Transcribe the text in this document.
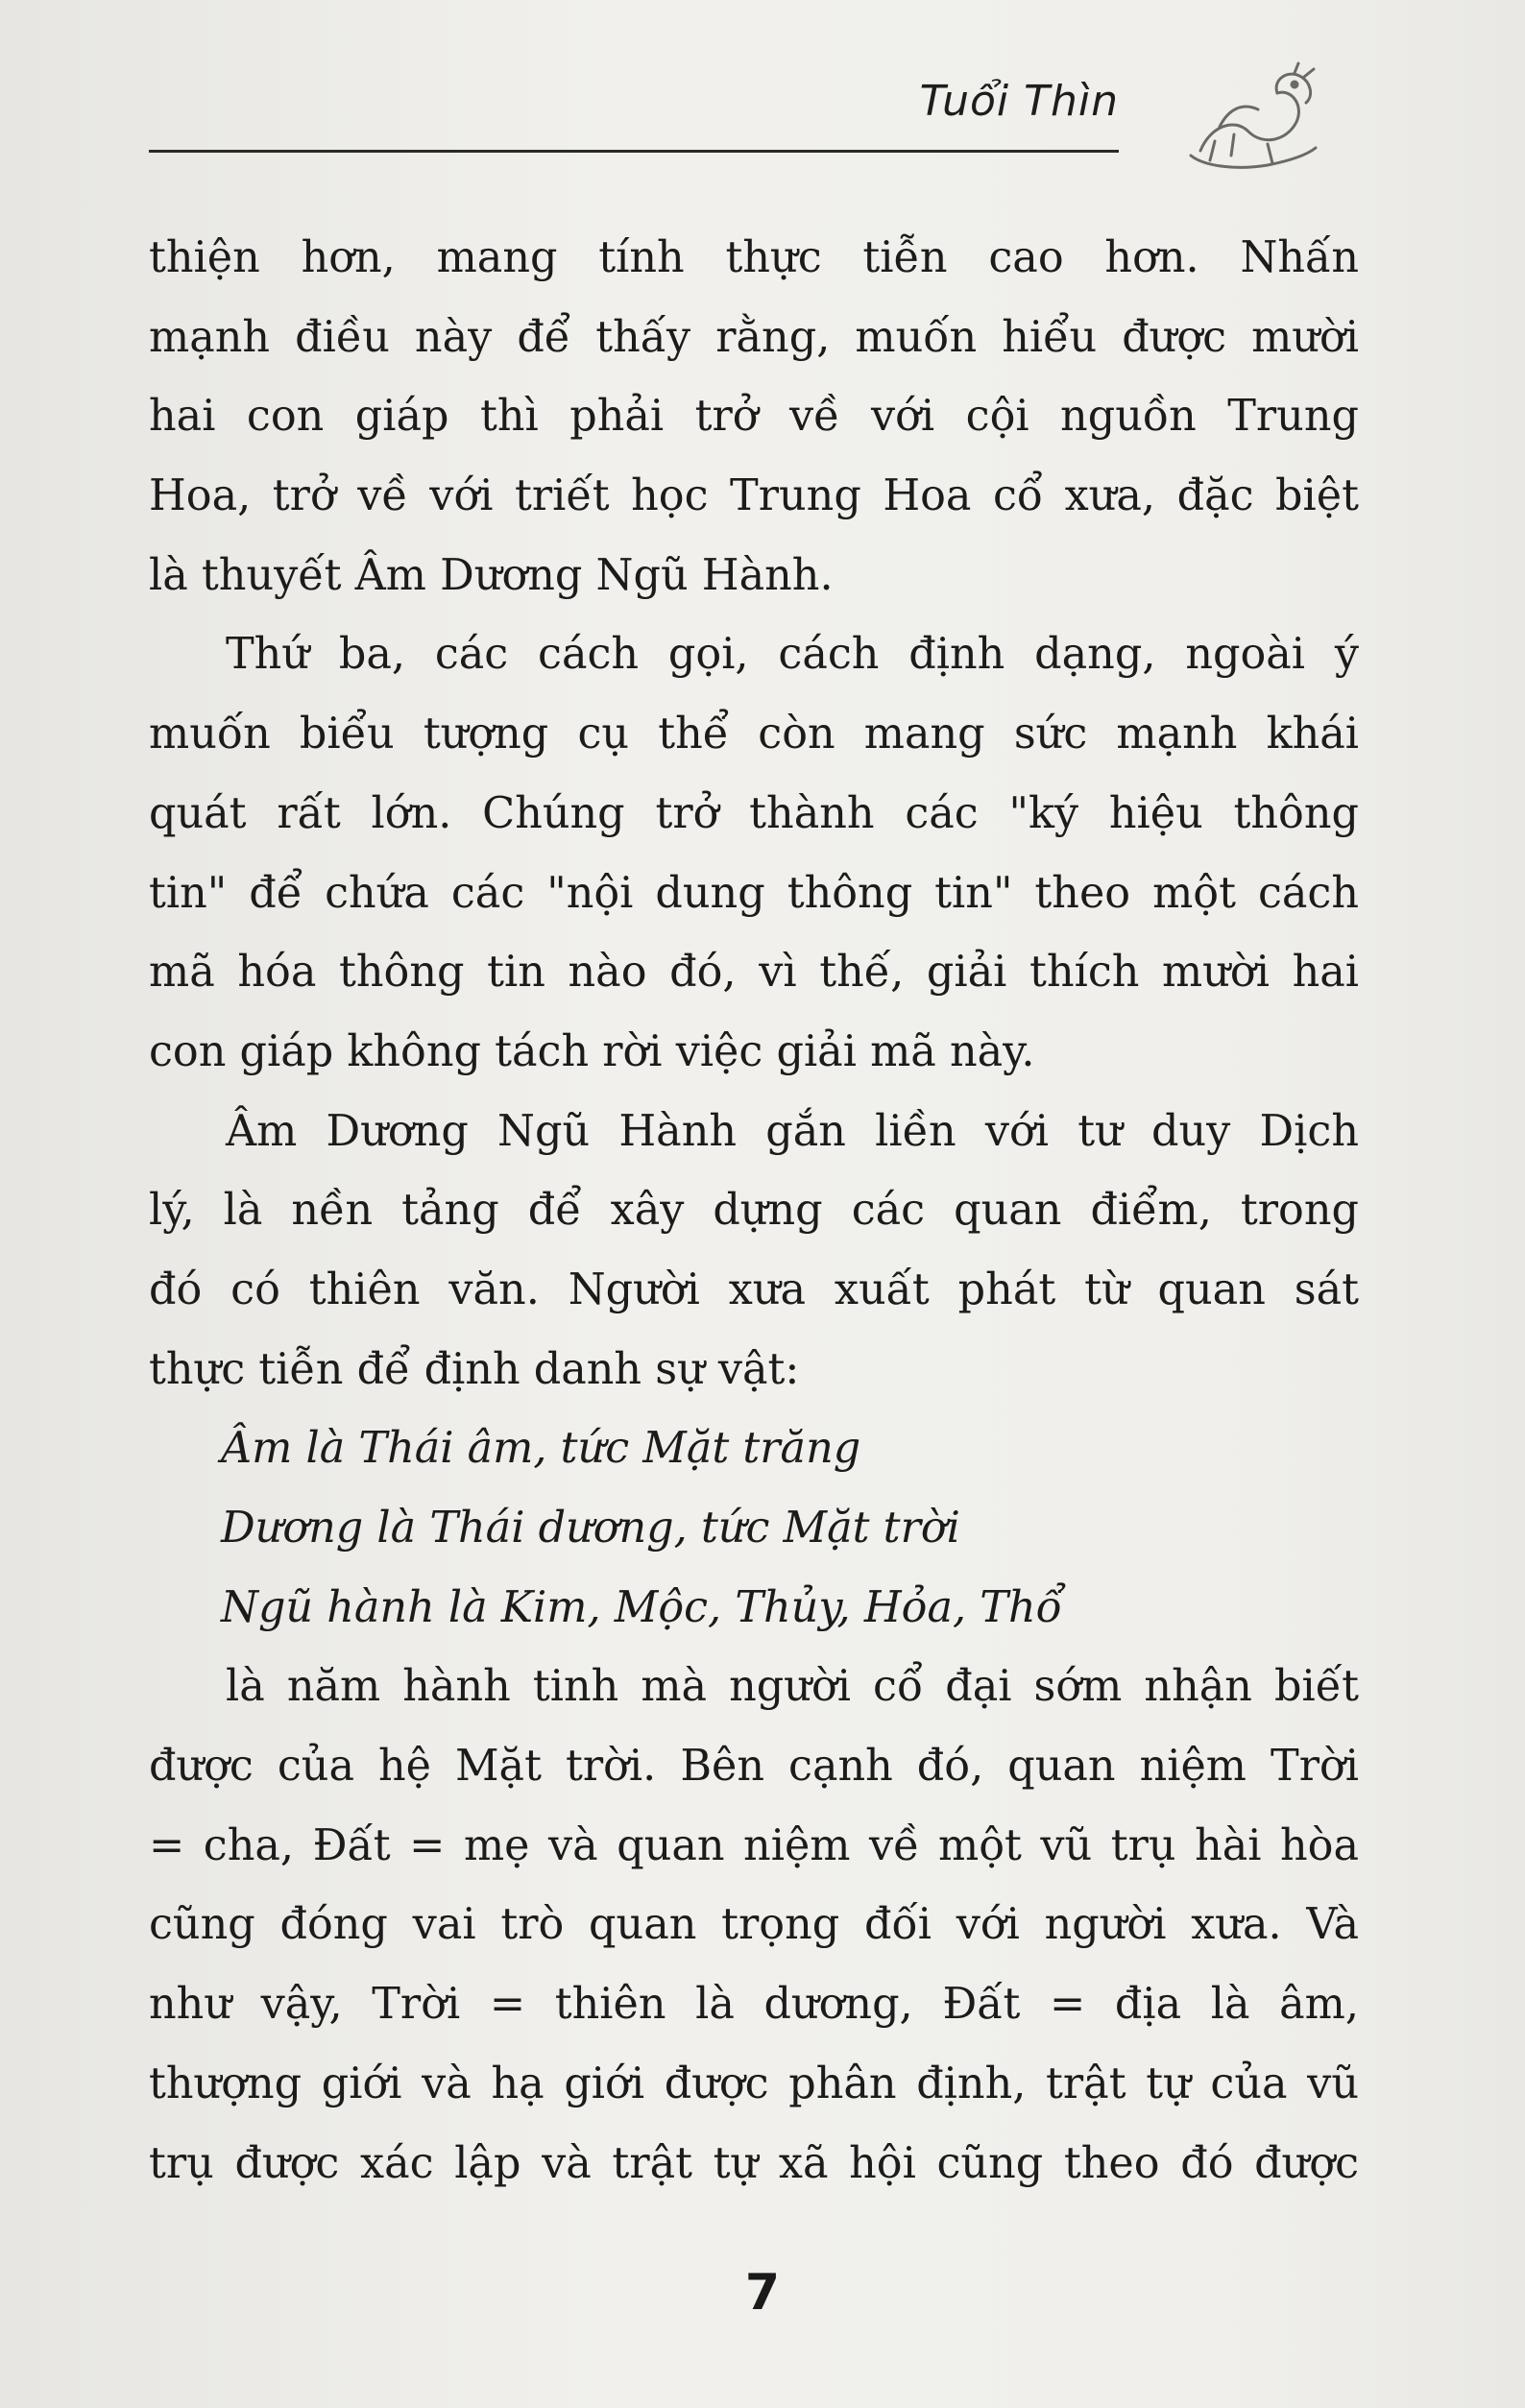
Tuổi Thìn
thiện hơn, mang tính thực tiễn cao hơn. Nhấn
mạnh điều này để thấy rằng, muốn hiểu được mười
hai con giáp thì phải trở về với cội nguồn Trung
Hoa, trở về với triết học Trung Hoa cổ xưa, đặc biệt
là thuyết Âm Dương Ngũ Hành.
Thứ ba, các cách gọi, cách định dạng, ngoài ý
muốn biểu tượng cụ thể còn mang sức mạnh khái
quát rất lớn. Chúng trở thành các "ký hiệu thông
tin" để chứa các "nội dung thông tin" theo một cách
mã hóa thông tin nào đó, vì thế, giải thích mười hai
con giáp không tách rời việc giải mã này.
Âm Dương Ngũ Hành gắn liền với tư duy Dịch
lý, là nền tảng để xây dựng các quan điểm, trong
đó có thiên văn. Người xưa xuất phát từ quan sát
thực tiễn để định danh sự vật:
Âm là Thái âm, tức Mặt trăng
Dương là Thái dương, tức Mặt trời
Ngũ hành là Kim, Mộc, Thủy, Hỏa, Thổ
là năm hành tinh mà người cổ đại sớm nhận biết
được của hệ Mặt trời. Bên cạnh đó, quan niệm Trời
= cha, Đất = mẹ và quan niệm về một vũ trụ hài hòa
cũng đóng vai trò quan trọng đối với người xưa. Và
như vậy, Trời = thiên là dương, Đất = địa là âm,
thượng giới và hạ giới được phân định, trật tự của vũ
trụ được xác lập và trật tự xã hội cũng theo đó được
7
